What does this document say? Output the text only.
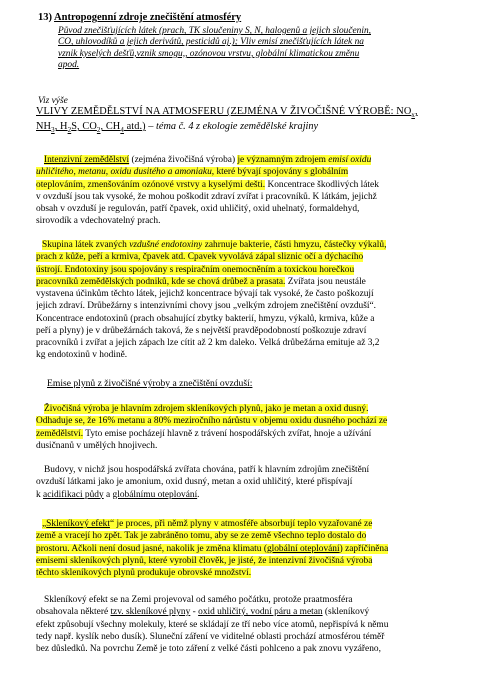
13) Antropogenní zdroje znečištění atmosféry
Původ znečišťujících látek (prach, TK sloučeniny S, N, halogenů a jejich sloučenin,
CO, uhlovodíků a jejich derivátů, pesticidů aj.); Vliv emisí znečišťujících látek na
vznik kyselých dešťů,vznik smogu,, ozónovou vrstvu, globální klimatickou změnu
apod.
Viz výše
VLIVY ZEMĚDĚLSTVÍ NA ATMOSFERU (ZEJMÉNA V ŽIVOČIŠNÉ VÝROBĚ: $NO_x$,
$NH_3$, $H_2S$, $CO_2$, $CH_4$ atd.) – téma č. 4 z ekologie zemědělské krajiny
Intenzivní zemědělství (zejména živočišná výroba) je významným zdrojem emisí oxidu
uhličitého, metanu, oxidu dusitého a amoniaku, které bývají spojovány s globálním
oteplováním, zmenšováním ozónové vrstvy a kyselými dešti. Koncentrace škodlivých látek
v ovzduší jsou tak vysoké, že mohou poškodit zdraví zvířat i pracovníků. K látkám, jejichž
obsah v ovzduší je regulován, patří čpavek, oxid uhličitý, oxid uhelnatý, formaldehyd,
sirovodík a vdechovatelný prach.
Skupina látek zvaných vzdušné endotoxiny zahrnuje bakterie, části hmyzu, částečky výkalů,
prach z kůže, peří a krmiva, čpavek atd. Cpavek vyvolává zápal sliznic očí a dýchacího
ústrojí. Endotoxiny jsou spojovány s respiračním onemocněním a toxickou horečkou
pracovníků zemědělských podniků, kde se chová drůbež a prasata. Zvířata jsou neustále
vystavena účinkům těchto látek, jejichž koncentrace bývají tak vysoké, že často poškozují
jejich zdraví. Drůbežárny s intenzivními chovy jsou „velkým zdrojem znečištění ovzduší“.
Koncentrace endotoxinů (prach obsahující zbytky bakterií, hmyzu, výkalů, krmiva, kůže a
peří a plyny) je v drůbežárnách taková, že s největší pravděpodobností poškozuje zdraví
pracovníků i zvířat a jejich zápach lze cítit až 2 km daleko. Velká drůbežárna emituje až 3,2
kg endotoxinů v hodině.
Emise plynů z živočišné výroby a znečištění ovzduší:
Živočišná výroba je hlavním zdrojem skleníkových plynů, jako je metan a oxid dusný.
Odhaduje se, že 16% metanu a 80% meziročního nárůstu v objemu oxidu dusného pochází ze
zemědělství. Tyto emise pocházejí hlavně z trávení hospodářských zvířat, hnoje a užívání
dusičnanů v umělých hnojivech.
Budovy, v nichž jsou hospodářská zvířata chována, patří k hlavním zdrojům znečištění
ovzduší látkami jako je amonium, oxid dusný, metan a oxid uhličitý, které přispívají
k acidifikaci půdy a globálnímu oteplování.
„Skleníkový efekt“ je proces, při němž plyny v atmosféře absorbují teplo vyzařované ze
země a vracejí ho zpět. Tak je zabráněno tomu, aby se ze země všechno teplo dostalo do
prostoru. Ačkoli není dosud jasné, nakolik je změna klimatu (globální oteplování) zapříčiněna
emisemi skleníkových plynů, které vyrobil člověk, je jisté, že intenzivní živočišná výroba
těchto skleníkových plynů produkuje obrovské množství.
Skleníkový efekt se na Zemi projevoval od samého počátku, protože praatmosféra
obsahovala některé tzv. skleníkové plyny - oxid uhličitý, vodní páru a metan (skleníkový
efekt způsobují všechny molekuly, které se skládají ze tří nebo více atomů, nepřispívá k němu
tedy např. kyslík nebo dusík). Sluneční záření ve viditelné oblasti prochází atmosférou téměř
bez důsledků. Na povrchu Země je toto záření z velké části pohlceno a pak znovu vyzářeno,
